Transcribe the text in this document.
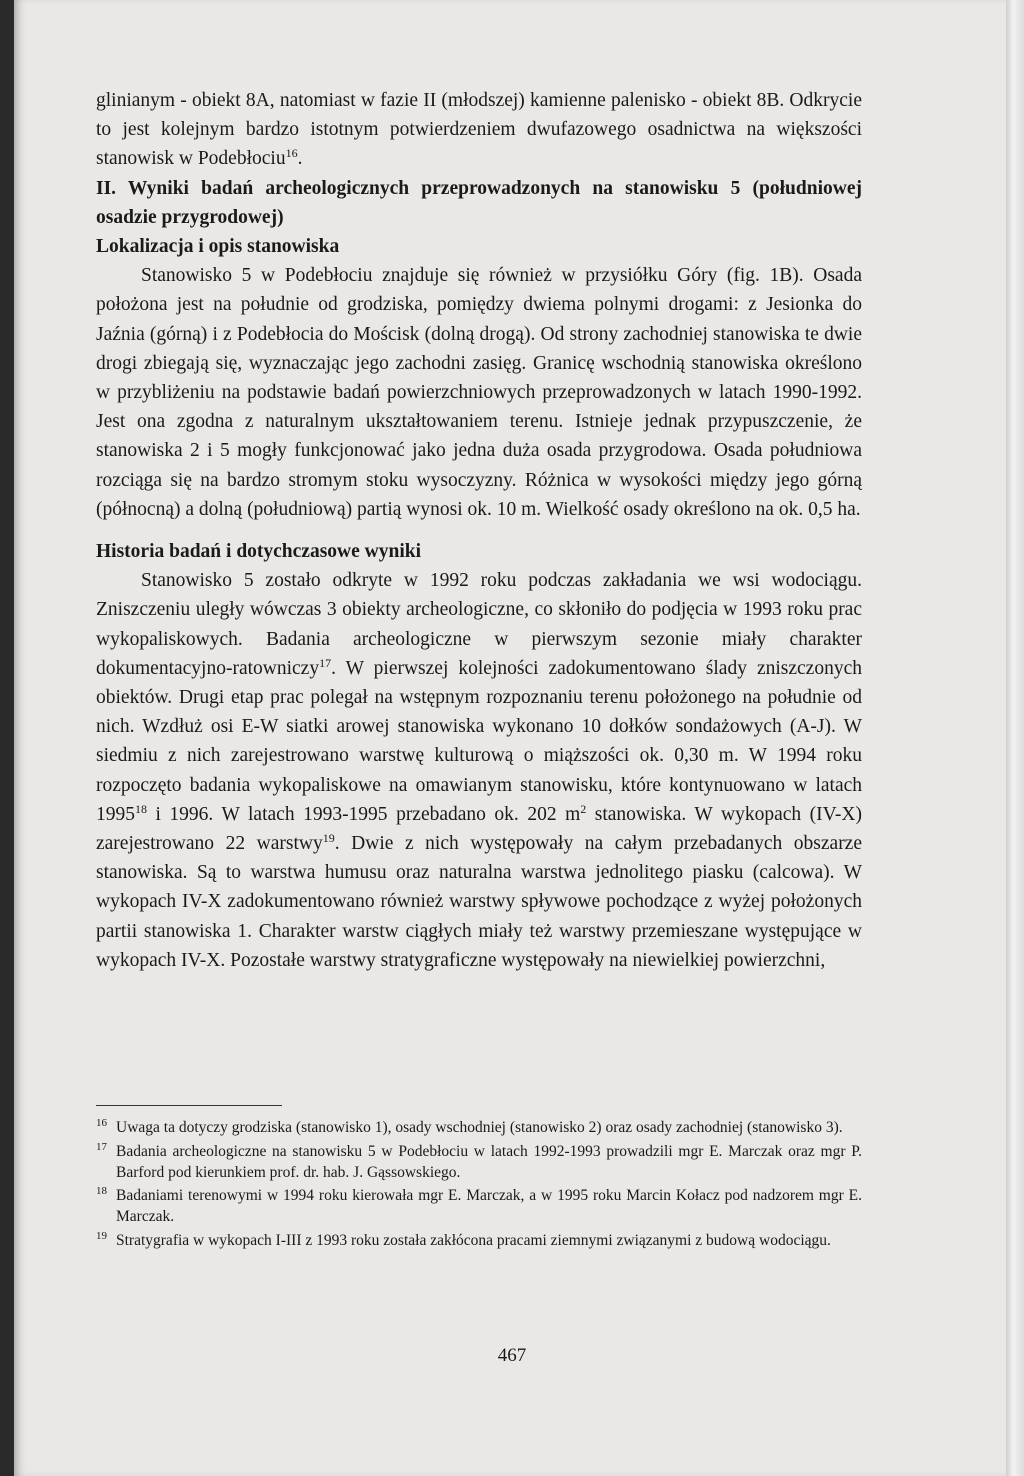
glinianym - obiekt 8A, natomiast w fazie II (młodszej) kamienne palenisko - obiekt 8B. Odkrycie to jest kolejnym bardzo istotnym potwierdzeniem dwufazowego osadnictwa na większości stanowisk w Podebłociu$^{16}$.

II. Wyniki badań archeologicznych przeprowadzonych na stanowisku 5 (południowej osadzie przygrodowej)

Lokalizacja i opis stanowiska

Stanowisko 5 w Podebłociu znajduje się również w przysiółku Góry (fig. 1B). Osada położona jest na południe od grodziska, pomiędzy dwiema polnymi drogami: z Jesionka do Jaźnia (górną) i z Podebłocia do Mościsk (dolną drogą). Od strony zachodniej stanowiska te dwie drogi zbiegają się, wyznaczając jego zachodni zasięg. Granicę wschodnią stanowiska określono w przybliżeniu na podstawie badań powierzchniowych przeprowadzonych w latach 1990-1992. Jest ona zgodna z naturalnym ukształtowaniem terenu. Istnieje jednak przypuszczenie, że stanowiska 2 i 5 mogły funkcjonować jako jedna duża osada przygrodowa. Osada południowa rozciąga się na bardzo stromym stoku wysoczyzny. Różnica w wysokości między jego górną (północną) a dolną (południową) partią wynosi ok. 10 m. Wielkość osady określono na ok. 0,5 ha.

Historia badań i dotychczasowe wyniki

Stanowisko 5 zostało odkryte w 1992 roku podczas zakładania we wsi wodociągu. Zniszczeniu uległy wówczas 3 obiekty archeologiczne, co skłoniło do podjęcia w 1993 roku prac wykopaliskowych. Badania archeologiczne w pierwszym sezonie miały charakter dokumentacyjno-ratowniczy$^{17}$. W pierwszej kolejności zadokumentowano ślady zniszczonych obiektów. Drugi etap prac polegał na wstępnym rozpoznaniu terenu położonego na południe od nich. Wzdłuż osi E-W siatki arowej stanowiska wykonano 10 dołków sondażowych (A-J). W siedmiu z nich zarejestrowano warstwę kulturową o miąższości ok. 0,30 m. W 1994 roku rozpoczęto badania wykopaliskowe na omawianym stanowisku, które kontynuowano w latach 1995$^{18}$ i 1996. W latach 1993-1995 przebadano ok. 202 $m^2$ stanowiska. W wykopach (IV-X) zarejestrowano 22 warstwy$^{19}$. Dwie z nich występowały na całym przebadanych obszarze stanowiska. Są to warstwa humusu oraz naturalna warstwa jednolitego piasku (calcowa). W wykopach IV-X zadokumentowano również warstwy spływowe pochodzące z wyżej położonych partii stanowiska 1. Charakter warstw ciągłych miały też warstwy przemieszane występujące w wykopach IV-X. Pozostałe warstwy stratygraficzne występowały na niewielkiej powierzchni,

16 Uwaga ta dotyczy grodziska (stanowisko 1), osady wschodniej (stanowisko 2) oraz osady zachodniej (stanowisko 3).

17 Badania archeologiczne na stanowisku 5 w Podebłociu w latach 1992-1993 prowadzili mgr E. Marczak oraz mgr P. Barford pod kierunkiem prof. dr. hab. J. Gąssowskiego.

18 Badaniami terenowymi w 1994 roku kierowała mgr E. Marczak, a w 1995 roku Marcin Kołacz pod nadzorem mgr E. Marczak.

19 Stratygrafia w wykopach I-III z 1993 roku została zakłócona pracami ziemnymi związanymi z budową wodociągu.

467
